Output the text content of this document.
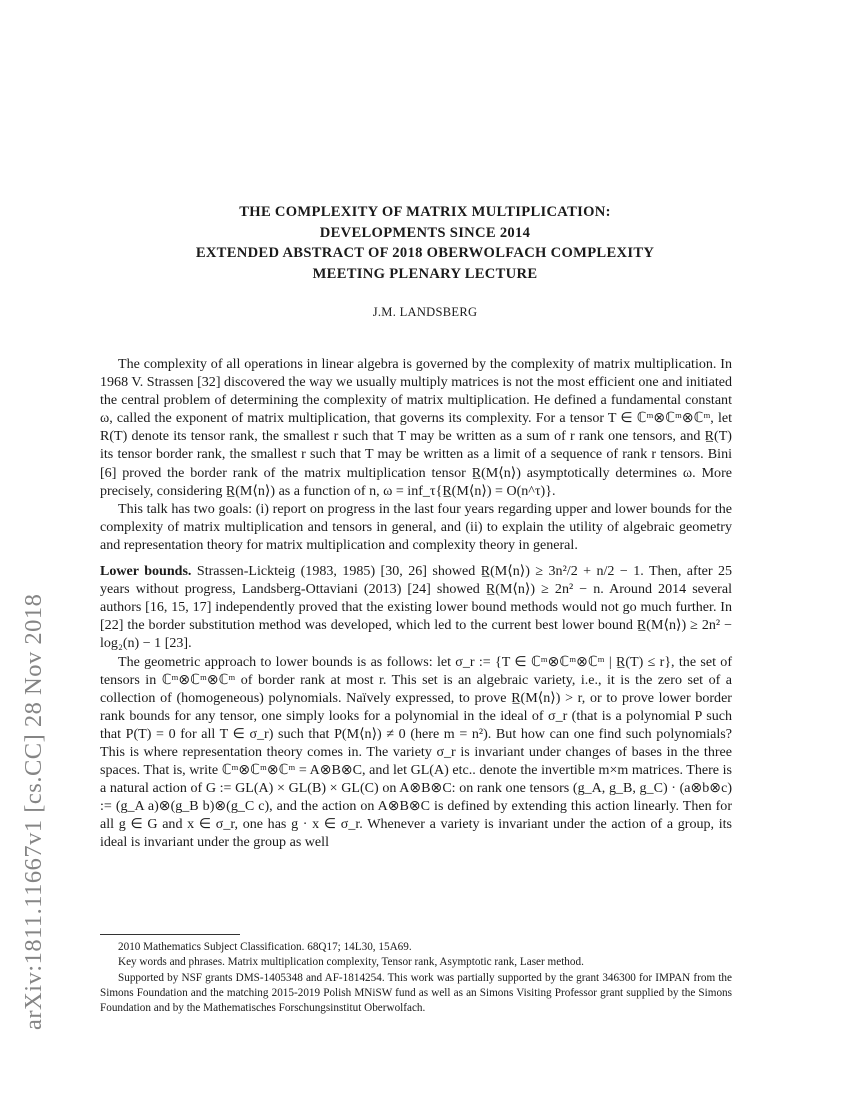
arXiv:1811.11667v1 [cs.CC] 28 Nov 2018
THE COMPLEXITY OF MATRIX MULTIPLICATION:
DEVELOPMENTS SINCE 2014
EXTENDED ABSTRACT OF 2018 OBERWOLFACH COMPLEXITY
MEETING PLENARY LECTURE
J.M. LANDSBERG

The complexity of all operations in linear algebra is governed by the complexity of matrix multiplication. In 1968 V. Strassen [32] discovered the way we usually multiply matrices is not the most efficient one and initiated the central problem of determining the complexity of matrix multiplication. He defined a fundamental constant ω, called the exponent of matrix multiplication, that governs its complexity. For a tensor T ∈ ℂᵐ⊗ℂᵐ⊗ℂᵐ, let R(T) denote its tensor rank, the smallest r such that T may be written as a sum of r rank one tensors, and R̲(T) its tensor border rank, the smallest r such that T may be written as a limit of a sequence of rank r tensors. Bini [6] proved the border rank of the matrix multiplication tensor R̲(M⟨n⟩) asymptotically determines ω. More precisely, considering R̲(M⟨n⟩) as a function of n, ω = inf_τ{R̲(M⟨n⟩) = O(n^τ)}.

This talk has two goals: (i) report on progress in the last four years regarding upper and lower bounds for the complexity of matrix multiplication and tensors in general, and (ii) to explain the utility of algebraic geometry and representation theory for matrix multiplication and complexity theory in general.

Lower bounds. Strassen-Lickteig (1983, 1985) [30, 26] showed R̲(M⟨n⟩) ≥ 3n²/2 + n/2 − 1. Then, after 25 years without progress, Landsberg-Ottaviani (2013) [24] showed R̲(M⟨n⟩) ≥ 2n² − n. Around 2014 several authors [16, 15, 17] independently proved that the existing lower bound methods would not go much further. In [22] the border substitution method was developed, which led to the current best lower bound R̲(M⟨n⟩) ≥ 2n² − log₂(n) − 1 [23].

The geometric approach to lower bounds is as follows: let σ_r := {T ∈ ℂᵐ⊗ℂᵐ⊗ℂᵐ | R̲(T) ≤ r}, the set of tensors in ℂᵐ⊗ℂᵐ⊗ℂᵐ of border rank at most r. This set is an algebraic variety, i.e., it is the zero set of a collection of (homogeneous) polynomials. Naïvely expressed, to prove R̲(M⟨n⟩) > r, or to prove lower border rank bounds for any tensor, one simply looks for a polynomial in the ideal of σ_r (that is a polynomial P such that P(T) = 0 for all T ∈ σ_r) such that P(M⟨n⟩) ≠ 0 (here m = n²). But how can one find such polynomials? This is where representation theory comes in. The variety σ_r is invariant under changes of bases in the three spaces. That is, write ℂᵐ⊗ℂᵐ⊗ℂᵐ = A⊗B⊗C, and let GL(A) etc.. denote the invertible m×m matrices. There is a natural action of G := GL(A) × GL(B) × GL(C) on A⊗B⊗C: on rank one tensors (g_A, g_B, g_C) · (a⊗b⊗c) := (g_A a)⊗(g_B b)⊗(g_C c), and the action on A⊗B⊗C is defined by extending this action linearly. Then for all g ∈ G and x ∈ σ_r, one has g · x ∈ σ_r. Whenever a variety is invariant under the action of a group, its ideal is invariant under the group as well

2010 Mathematics Subject Classification. 68Q17; 14L30, 15A69.

Key words and phrases. Matrix multiplication complexity, Tensor rank, Asymptotic rank, Laser method.

Supported by NSF grants DMS-1405348 and AF-1814254. This work was partially supported by the grant 346300 for IMPAN from the Simons Foundation and the matching 2015-2019 Polish MNiSW fund as well as an Simons Visiting Professor grant supplied by the Simons Foundation and by the Mathematisches Forschungsinstitut Oberwolfach.
